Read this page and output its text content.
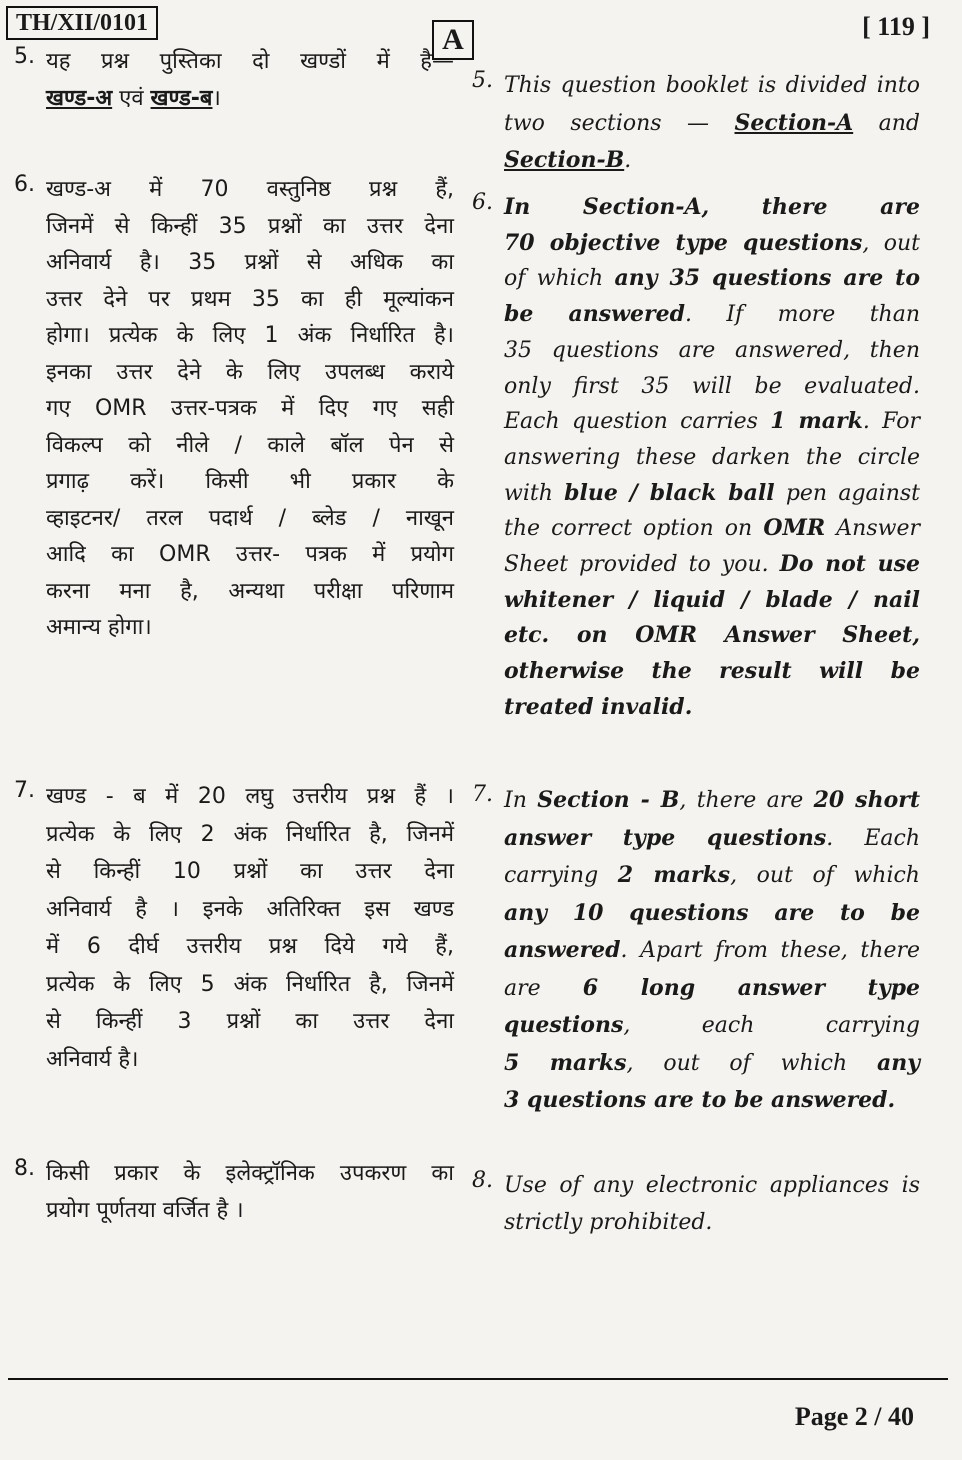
TH/XII/0101	A	[ 119 ]
5. यह प्रश्न पुस्तिका दो खण्डों में है—
खण्ड-अ एवं खण्ड-ब।
6. खण्ड-अ में 70 वस्तुनिष्ठ प्रश्न हैं,
जिनमें से किन्हीं 35 प्रश्नों का उत्तर देना
अनिवार्य है। 35 प्रश्नों से अधिक का
उत्तर देने पर प्रथम 35 का ही मूल्यांकन
होगा। प्रत्येक के लिए 1 अंक निर्धारित है।
इनका उत्तर देने के लिए उपलब्ध कराये
गए OMR उत्तर-पत्रक में दिए गए सही
विकल्प को नीले / काले बॉल पेन से
प्रगाढ़ करें। किसी भी प्रकार के
व्हाइटनर/ तरल पदार्थ / ब्लेड / नाखून
आदि का OMR उत्तर- पत्रक में प्रयोग
करना मना है, अन्यथा परीक्षा परिणाम
अमान्य होगा।
7. खण्ड - ब में 20 लघु उत्तरीय प्रश्न हैं ।
प्रत्येक के लिए 2 अंक निर्धारित है, जिनमें
से किन्हीं 10 प्रश्नों का उत्तर देना
अनिवार्य है । इनके अतिरिक्त इस खण्ड
में 6 दीर्घ उत्तरीय प्रश्न दिये गये हैं,
प्रत्येक के लिए 5 अंक निर्धारित है, जिनमें
से किन्हीं 3 प्रश्नों का उत्तर देना
अनिवार्य है।
8. किसी प्रकार के इलेक्ट्रॉनिक उपकरण का
प्रयोग पूर्णतया वर्जित है ।
5. This question booklet is divided into
two sections — Section-A and
Section-B.
6. In Section-A, there are
70 objective type questions, out
of which any 35 questions are to
be answered. If more than
35 questions are answered, then
only first 35 will be evaluated.
Each question carries 1 mark. For
answering these darken the circle
with blue / black ball pen against
the correct option on OMR Answer
Sheet provided to you. Do not use
whitener / liquid / blade / nail
etc. on OMR Answer Sheet,
otherwise the result will be
treated invalid.
7. In Section - B, there are 20 short
answer type questions. Each
carrying 2 marks, out of which
any 10 questions are to be
answered. Apart from these, there
are 6 long answer type
questions, each carrying
5 marks, out of which any
3 questions are to be answered.
8. Use of any electronic appliances is
strictly prohibited.
Page 2 / 40
